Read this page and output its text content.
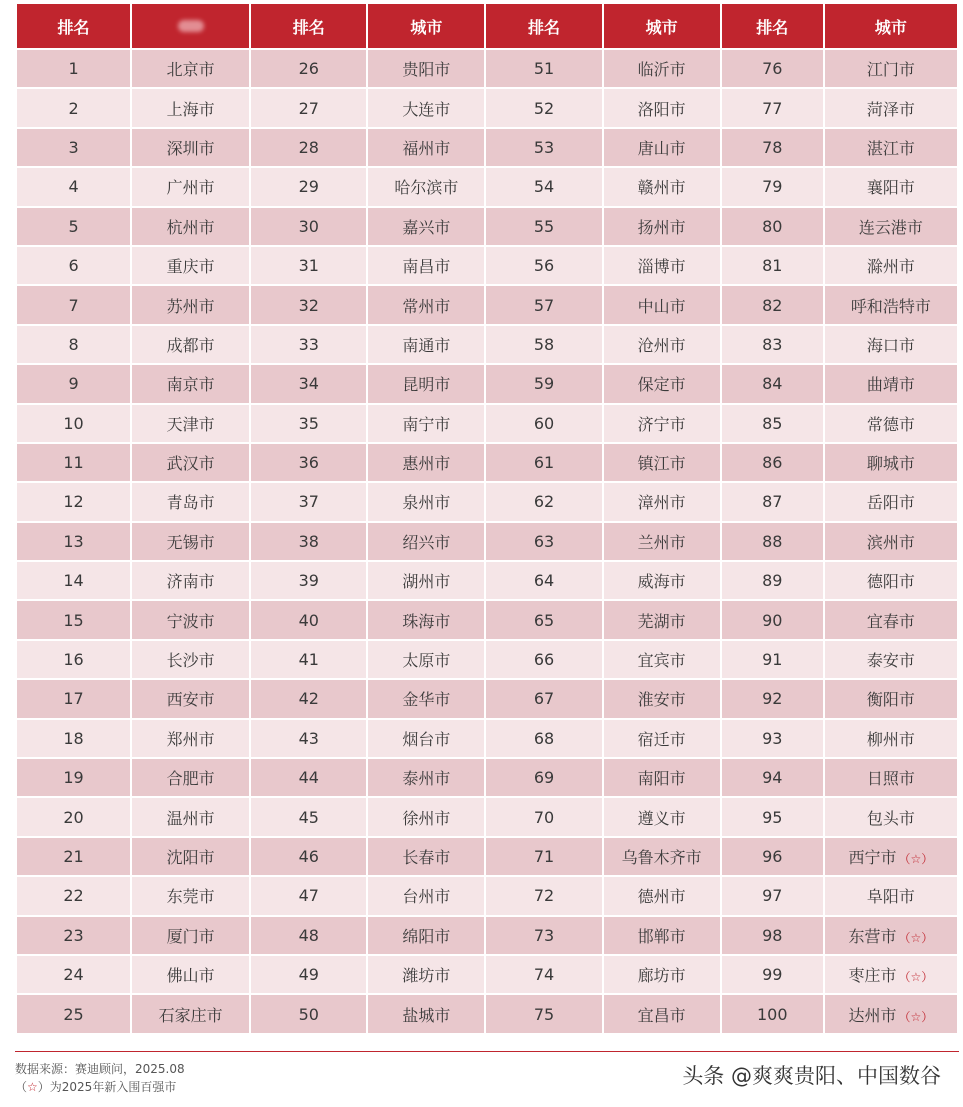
排名		排名	城市	排名	城市	排名	城市
1	北京市	26	贵阳市	51	临沂市	76	江门市
2	上海市	27	大连市	52	洛阳市	77	菏泽市
3	深圳市	28	福州市	53	唐山市	78	湛江市
4	广州市	29	哈尔滨市	54	赣州市	79	襄阳市
5	杭州市	30	嘉兴市	55	扬州市	80	连云港市
6	重庆市	31	南昌市	56	淄博市	81	滁州市
7	苏州市	32	常州市	57	中山市	82	呼和浩特市
8	成都市	33	南通市	58	沧州市	83	海口市
9	南京市	34	昆明市	59	保定市	84	曲靖市
10	天津市	35	南宁市	60	济宁市	85	常德市
11	武汉市	36	惠州市	61	镇江市	86	聊城市
12	青岛市	37	泉州市	62	漳州市	87	岳阳市
13	无锡市	38	绍兴市	63	兰州市	88	滨州市
14	济南市	39	湖州市	64	威海市	89	德阳市
15	宁波市	40	珠海市	65	芜湖市	90	宜春市
16	长沙市	41	太原市	66	宜宾市	91	泰安市
17	西安市	42	金华市	67	淮安市	92	衡阳市
18	郑州市	43	烟台市	68	宿迁市	93	柳州市
19	合肥市	44	泰州市	69	南阳市	94	日照市
20	温州市	45	徐州市	70	遵义市	95	包头市
21	沈阳市	46	长春市	71	乌鲁木齐市	96	西宁市 （☆）
22	东莞市	47	台州市	72	德州市	97	阜阳市
23	厦门市	48	绵阳市	73	邯郸市	98	东营市 （☆）
24	佛山市	49	潍坊市	74	廊坊市	99	枣庄市 （☆）
25	石家庄市	50	盐城市	75	宜昌市	100	达州市 （☆）
数据来源：赛迪顾问，2025.08
（☆）为2025年新入围百强市	头条 @爽爽贵阳、中国数谷
